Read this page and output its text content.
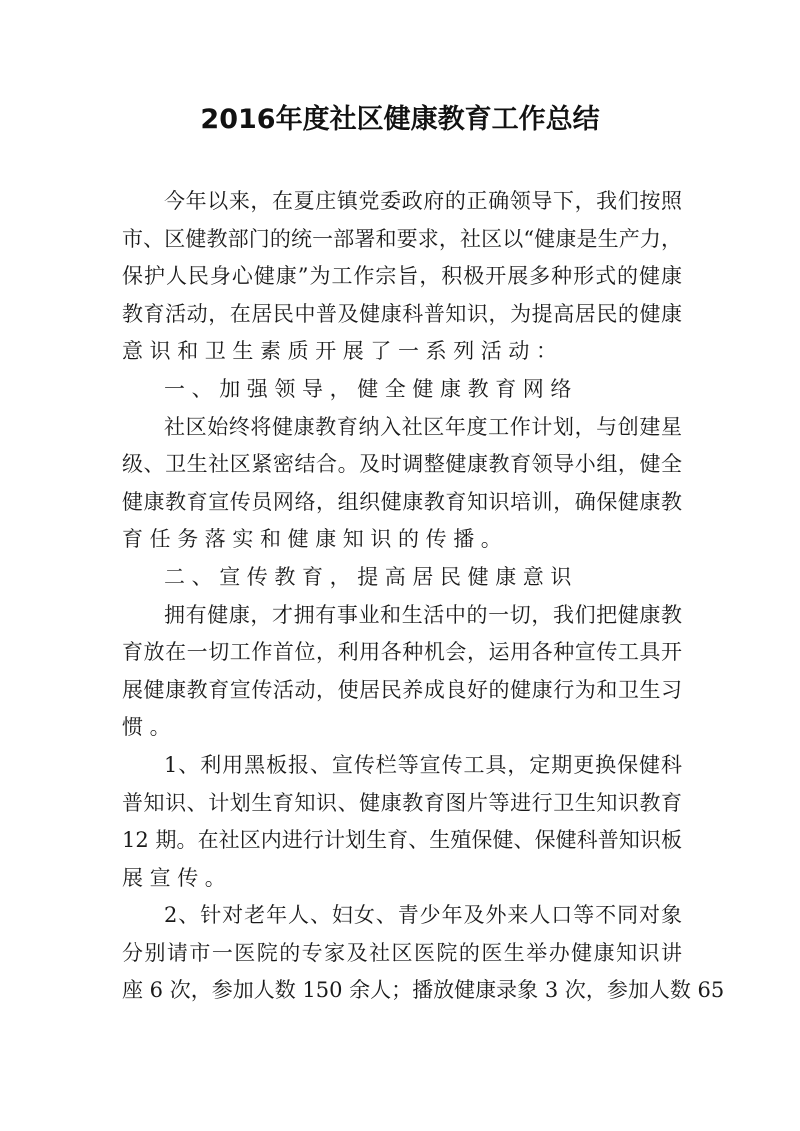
2016年度社区健康教育工作总结
今年以来，在夏庄镇党委政府的正确领导下，我们按照
市、区健教部门的统一部署和要求，社区以“健康是生产力，
保护人民身心健康”为工作宗旨，积极开展多种形式的健康
教育活动，在居民中普及健康科普知识，为提高居民的健康
意识和卫生素质开展了一系列活动：
一、加强领导，健全健康教育网络
社区始终将健康教育纳入社区年度工作计划，与创建星
级、卫生社区紧密结合。及时调整健康教育领导小组，健全
健康教育宣传员网络，组织健康教育知识培训，确保健康教
育任务落实和健康知识的传播。
二、宣传教育，提高居民健康意识
拥有健康，才拥有事业和生活中的一切，我们把健康教
育放在一切工作首位，利用各种机会，运用各种宣传工具开
展健康教育宣传活动，使居民养成良好的健康行为和卫生习
惯。
1、利用黑板报、宣传栏等宣传工具，定期更换保健科
普知识、计划生育知识、健康教育图片等进行卫生知识教育
12 期。在社区内进行计划生育、生殖保健、保健科普知识板
展宣传。
2、针对老年人、妇女、青少年及外来人口等不同对象
分别请市一医院的专家及社区医院的医生举办健康知识讲
座 6 次，参加人数 150 余人；播放健康录象 3 次，参加人数 65
